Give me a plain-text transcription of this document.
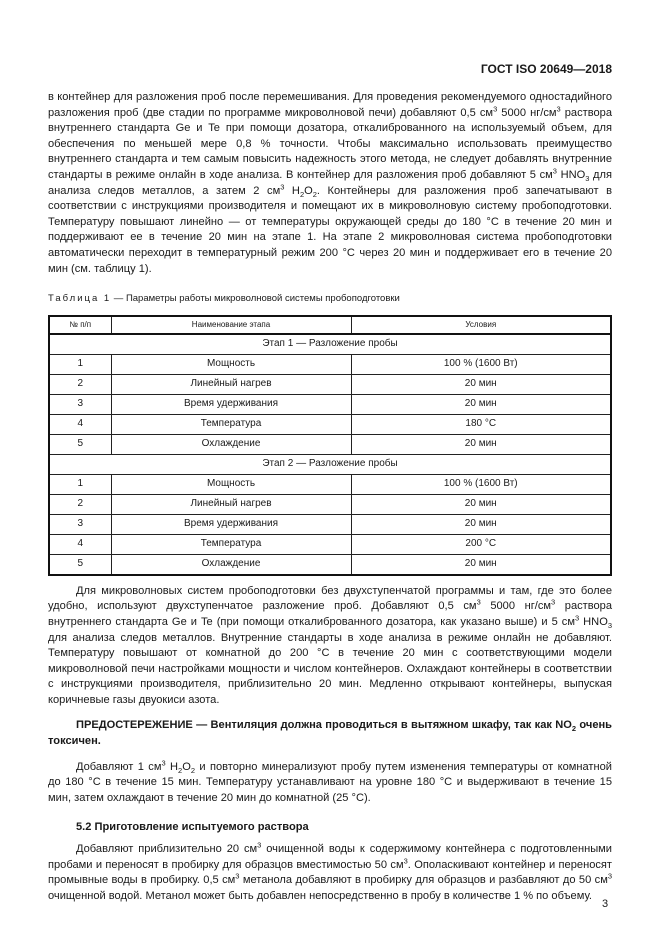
ГОСТ ISO 20649—2018

в контейнер для разложения проб после перемешивания. Для проведения рекомендуемого одностадийного разложения проб (две стадии по программе микроволновой печи) добавляют 0,5 $см^3$ 5000 $нг/см^3$ раствора внутреннего стандарта Ge и Te при помощи дозатора, откалиброванного на используемый объем, для обеспечения по меньшей мере 0,8 % точности. Чтобы максимально использовать преимущество внутреннего стандарта и тем самым повысить надежность этого метода, не следует добавлять внутренние стандарты в режиме онлайн в ходе анализа. В контейнер для разложения проб добавляют 5 $см^3$ $HNO_3$ для анализа следов металлов, а затем 2 $см^3$ $H_2O_2$. Контейнеры для разложения проб запечатывают в соответствии с инструкциями производителя и помещают их в микроволновую систему пробоподготовки. Температуру повышают линейно — от температуры окружающей среды до 180 °С в течение 20 мин и поддерживают ее в течение 20 мин на этапе 1. На этапе 2 микроволновая система пробоподготовки автоматически переходит в температурный режим 200 °С через 20 мин и поддерживает его в течение 20 мин (см. таблицу 1).

Таблица 1 — Параметры работы микроволновой системы пробоподготовки
№ п/п	Наименование этапа	Условия
Этап 1 — Разложение пробы		
1	Мощность	100 % (1600 Вт)
2	Линейный нагрев	20 мин
3	Время удерживания	20 мин
4	Температура	180 °С
5	Охлаждение	20 мин
Этап 2 — Разложение пробы		
1	Мощность	100 % (1600 Вт)
2	Линейный нагрев	20 мин
3	Время удерживания	20 мин
4	Температура	200 °С
5	Охлаждение	20 мин

Для микроволновых систем пробоподготовки без двухступенчатой программы и там, где это более удобно, используют двухступенчатое разложение проб. Добавляют 0,5 $см^3$ 5000 $нг/см^3$ раствора внутреннего стандарта Ge и Te (при помощи откалиброванного дозатора, как указано выше) и 5 $см^3$ $HNO_3$ для анализа следов металлов. Внутренние стандарты в ходе анализа в режиме онлайн не добавляют. Температуру повышают от комнатной до 200 °С в течение 20 мин с соответствующими модели микроволновой печи настройками мощности и числом контейнеров. Охлаждают контейнеры в соответствии с инструкциями производителя, приблизительно 20 мин. Медленно открывают контейнеры, выпуская коричневые газы двуокиси азота.

ПРЕДОСТЕРЕЖЕНИЕ — Вентиляция должна проводиться в вытяжном шкафу, так как $NO_2$ очень токсичен.

Добавляют 1 $см^3$ $H_2O_2$ и повторно минерализуют пробу путем изменения температуры от комнатной до 180 °С в течение 15 мин. Температуру устанавливают на уровне 180 °С и выдерживают в течение 15 мин, затем охлаждают в течение 20 мин до комнатной (25 °С).

5.2 Приготовление испытуемого раствора

Добавляют приблизительно 20 $см^3$ очищенной воды к содержимому контейнера с подготовленными пробами и переносят в пробирку для образцов вместимостью 50 $см^3$. Ополаскивают контейнер и переносят промывные воды в пробирку. 0,5 $см^3$ метанола добавляют в пробирку для образцов и разбавляют до 50 $см^3$ очищенной водой. Метанол может быть добавлен непосредственно в пробу в количестве 1 % по объему.

3
